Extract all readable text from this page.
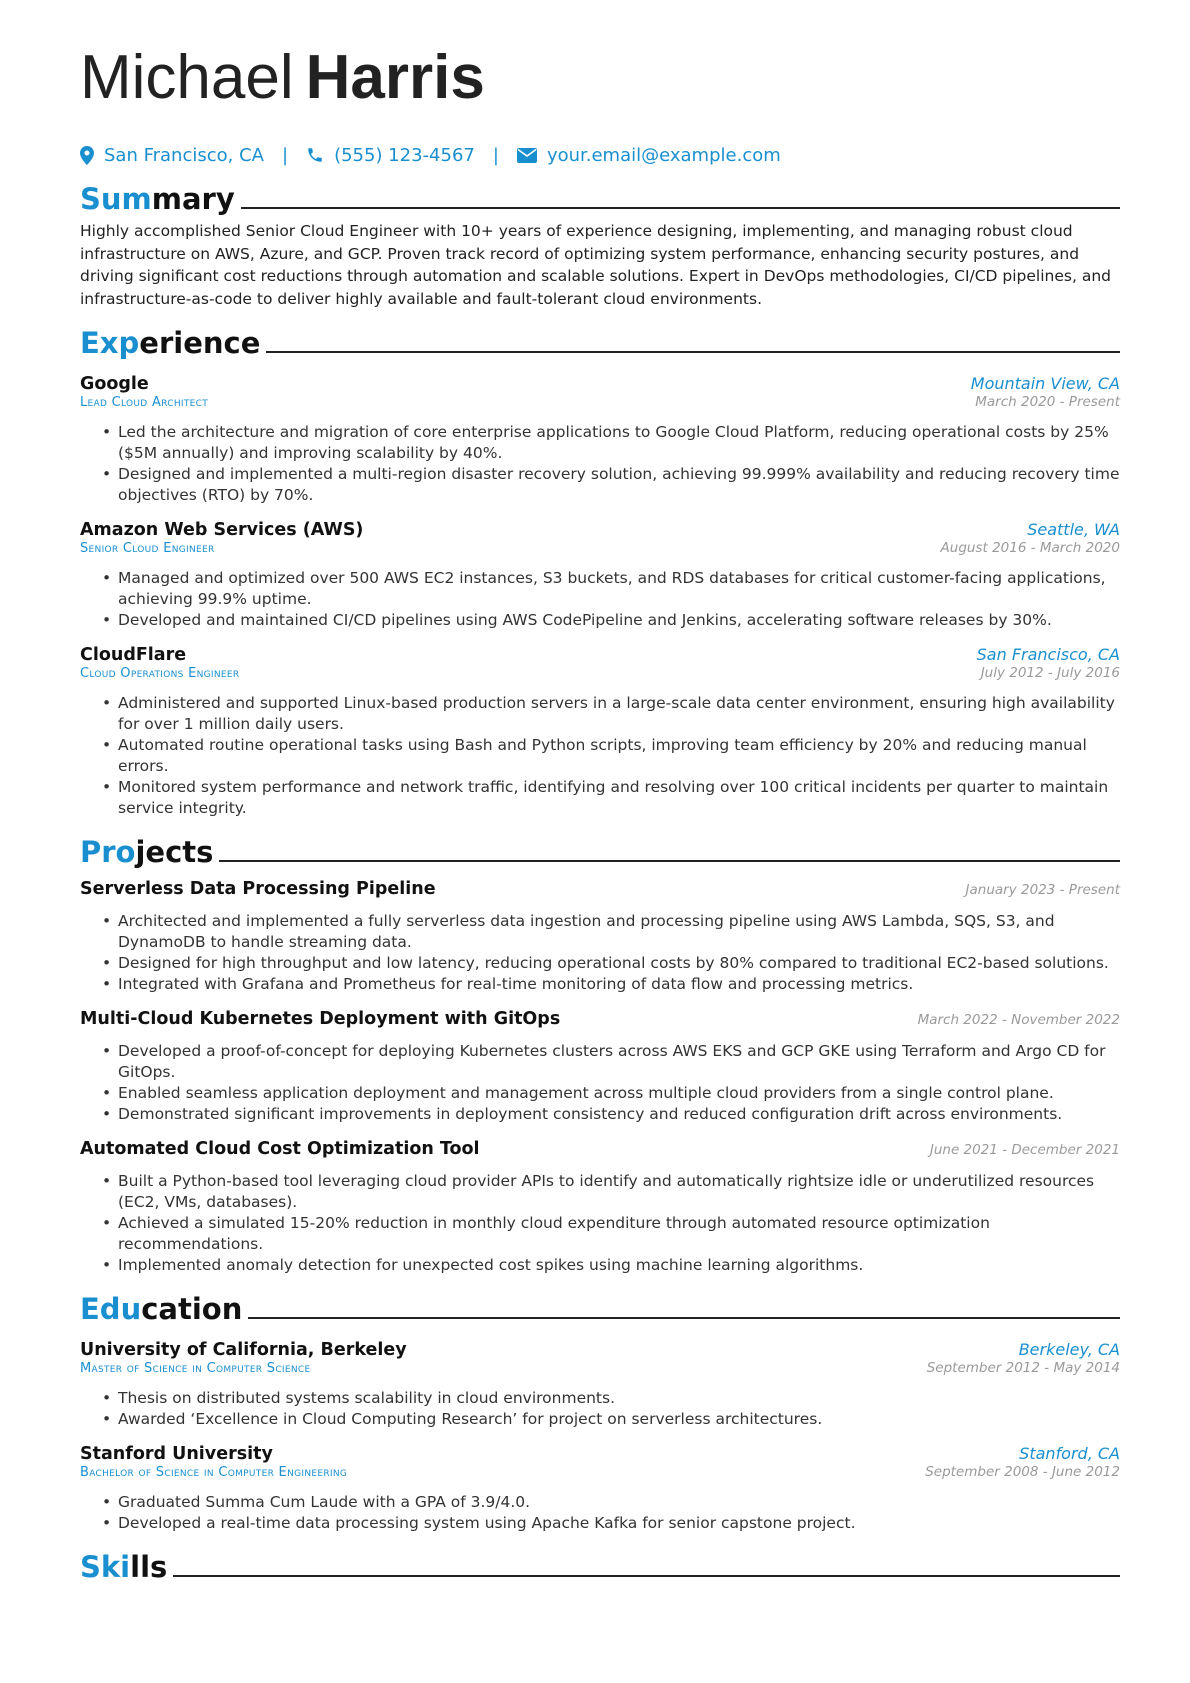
Michael Harris
San Francisco, CA |	(555) 123-4567 |	your.email@example.com
Summary
Highly accomplished Senior Cloud Engineer with 10+ years of experience designing, implementing, and managing robust cloud infrastructure on AWS, Azure, and GCP. Proven track record of optimizing system performance, enhancing security postures, and driving significant cost reductions through automation and scalable solutions. Expert in DevOps methodologies, CI/CD pipelines, and infrastructure-as-code to deliver highly available and fault-tolerant cloud environments.
Experience
Google	Mountain View, CA
Lead Cloud Architect	March 2020 - Present
• Led the architecture and migration of core enterprise applications to Google Cloud Platform, reducing operational costs by 25% ($5M annually) and improving scalability by 40%.
• Designed and implemented a multi-region disaster recovery solution, achieving 99.999% availability and reducing recovery time objectives (RTO) by 70%.
Amazon Web Services (AWS)	Seattle, WA
Senior Cloud Engineer	August 2016 - March 2020
• Managed and optimized over 500 AWS EC2 instances, S3 buckets, and RDS databases for critical customer-facing applications, achieving 99.9% uptime.
• Developed and maintained CI/CD pipelines using AWS CodePipeline and Jenkins, accelerating software releases by 30%.
CloudFlare	San Francisco, CA
Cloud Operations Engineer	July 2012 - July 2016
• Administered and supported Linux-based production servers in a large-scale data center environment, ensuring high availability for over 1 million daily users.
• Automated routine operational tasks using Bash and Python scripts, improving team efficiency by 20% and reducing manual errors.
• Monitored system performance and network traffic, identifying and resolving over 100 critical incidents per quarter to maintain service integrity.
Projects
Serverless Data Processing Pipeline	January 2023 - Present
• Architected and implemented a fully serverless data ingestion and processing pipeline using AWS Lambda, SQS, S3, and DynamoDB to handle streaming data.
• Designed for high throughput and low latency, reducing operational costs by 80% compared to traditional EC2-based solutions.
• Integrated with Grafana and Prometheus for real-time monitoring of data flow and processing metrics.
Multi-Cloud Kubernetes Deployment with GitOps	March 2022 - November 2022
• Developed a proof-of-concept for deploying Kubernetes clusters across AWS EKS and GCP GKE using Terraform and Argo CD for GitOps.
• Enabled seamless application deployment and management across multiple cloud providers from a single control plane.
• Demonstrated significant improvements in deployment consistency and reduced configuration drift across environments.
Automated Cloud Cost Optimization Tool	June 2021 - December 2021
• Built a Python-based tool leveraging cloud provider APIs to identify and automatically rightsize idle or underutilized resources (EC2, VMs, databases).
• Achieved a simulated 15-20% reduction in monthly cloud expenditure through automated resource optimization recommendations.
• Implemented anomaly detection for unexpected cost spikes using machine learning algorithms.
Education
University of California, Berkeley	Berkeley, CA
Master of Science in Computer Science	September 2012 - May 2014
• Thesis on distributed systems scalability in cloud environments.
• Awarded ‘Excellence in Cloud Computing Research’ for project on serverless architectures.
Stanford University	Stanford, CA
Bachelor of Science in Computer Engineering	September 2008 - June 2012
• Graduated Summa Cum Laude with a GPA of 3.9/4.0.
• Developed a real-time data processing system using Apache Kafka for senior capstone project.
Skills
